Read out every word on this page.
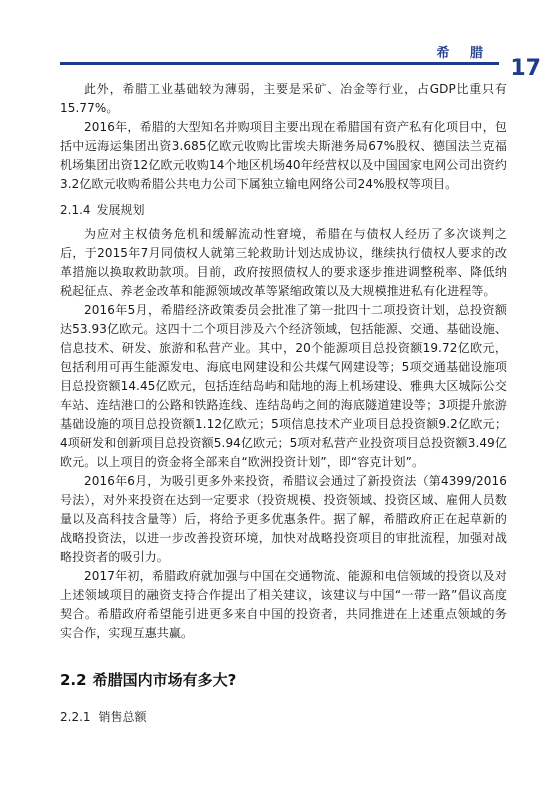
希 腊
17

此外，希腊工业基础较为薄弱，主要是采矿、冶金等行业，占GDP比重只有15.77%。

2016年，希腊的大型知名并购项目主要出现在希腊国有资产私有化项目中，包括中远海运集团出资3.685亿欧元收购比雷埃夫斯港务局67%股权、德国法兰克福机场集团出资12亿欧元收购14个地区机场40年经营权以及中国国家电网公司出资约3.2亿欧元收购希腊公共电力公司下属独立输电网络公司24%股权等项目。

2.1.4 发展规划

为应对主权债务危机和缓解流动性窘境，希腊在与债权人经历了多次谈判之后，于2015年7月同债权人就第三轮救助计划达成协议，继续执行债权人要求的改革措施以换取救助款项。目前，政府按照债权人的要求逐步推进调整税率、降低纳税起征点、养老金改革和能源领域改革等紧缩政策以及大规模推进私有化进程等。

2016年5月，希腊经济政策委员会批准了第一批四十二项投资计划，总投资额达53.93亿欧元。这四十二个项目涉及六个经济领域，包括能源、交通、基础设施、信息技术、研发、旅游和私营产业。其中，20个能源项目总投资额19.72亿欧元，包括利用可再生能源发电、海底电网建设和公共煤气网建设等；5项交通基础设施项目总投资额14.45亿欧元，包括连结岛屿和陆地的海上机场建设、雅典大区城际公交车站、连结港口的公路和铁路连线、连结岛屿之间的海底隧道建设等；3项提升旅游基础设施的项目总投资额1.12亿欧元；5项信息技术产业项目总投资额9.2亿欧元；4项研发和创新项目总投资额5.94亿欧元；5项对私营产业投资项目总投资额3.49亿欧元。以上项目的资金将全部来自“欧洲投资计划”，即“容克计划”。

2016年6月，为吸引更多外来投资，希腊议会通过了新投资法（第4399/2016号法），对外来投资在达到一定要求（投资规模、投资领域、投资区域、雇佣人员数量以及高科技含量等）后，将给予更多优惠条件。据了解，希腊政府正在起草新的战略投资法，以进一步改善投资环境，加快对战略投资项目的审批流程，加强对战略投资者的吸引力。

2017年初，希腊政府就加强与中国在交通物流、能源和电信领域的投资以及对上述领域项目的融资支持合作提出了相关建议，该建议与中国“一带一路”倡议高度契合。希腊政府希望能引进更多来自中国的投资者，共同推进在上述重点领域的务实合作，实现互惠共赢。

2.2 希腊国内市场有多大?
2.2.1 销售总额
